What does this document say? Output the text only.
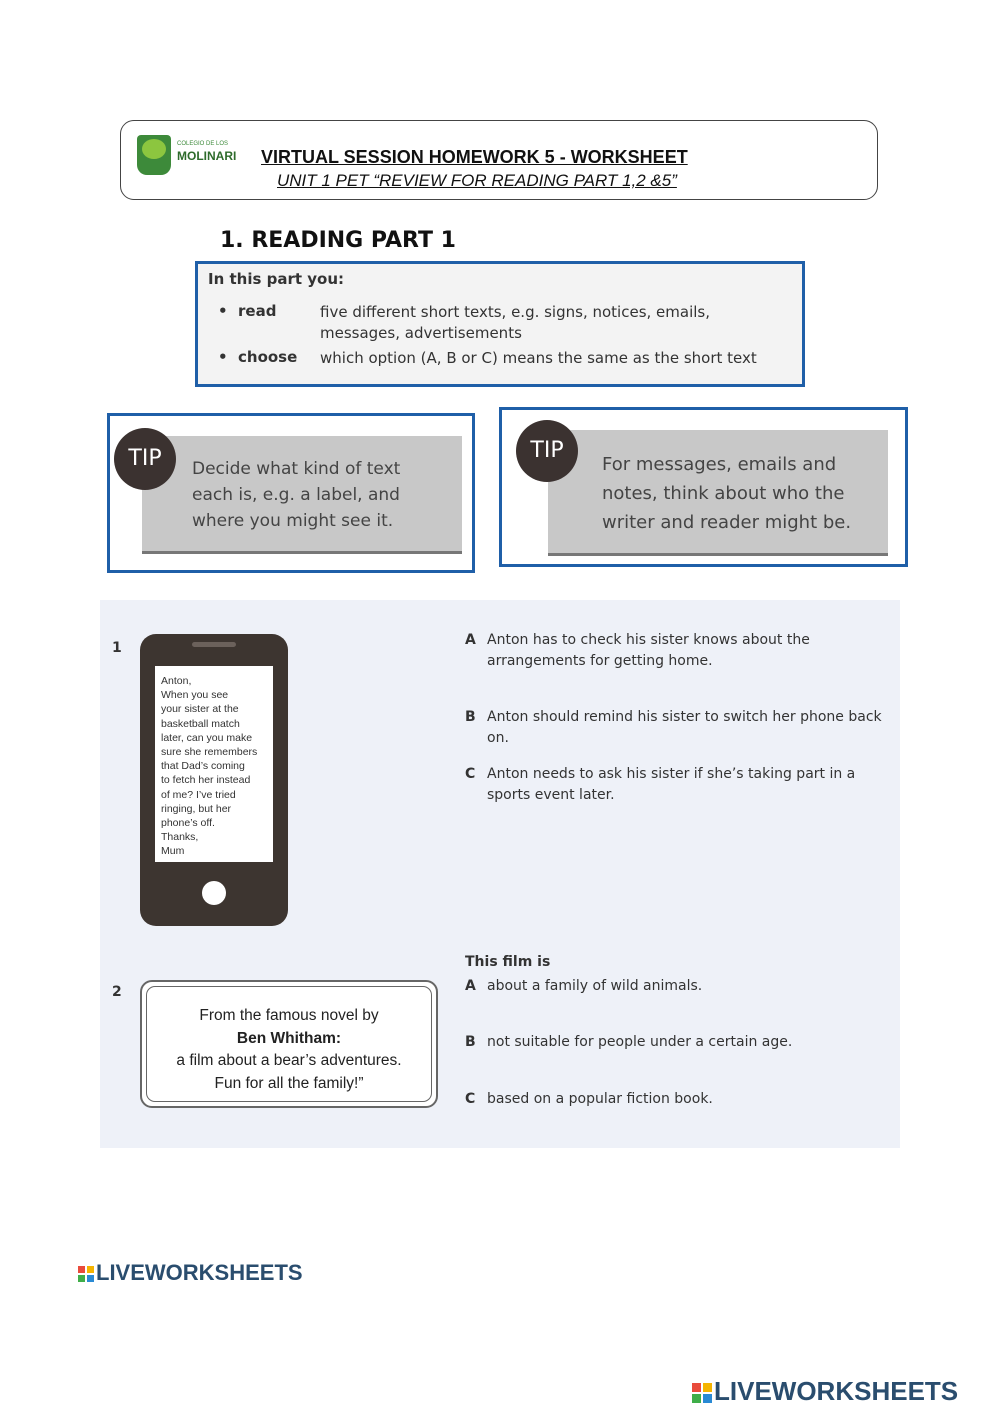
COLEGIO DE LOS
MOLINARI VIRTUAL SESSION HOMEWORK 5 - WORKSHEET
UNIT 1 PET “REVIEW FOR READING PART 1,2 &5”
1. READING PART 1
In this part you:
• read	five different short texts, e.g. signs, notices, emails, messages, advertisements
• choose which option (A, B or C) means the same as the short text
TIP	Decide what kind of text each is, e.g. a label, and where you might see it.
TIP
For messages, emails and notes, think about who the writer and reader might be.
1
Anton,
When you see
your sister at the
basketball match
later, can you make
sure she remembers
that Dad’s coming
to fetch her instead
of me? I’ve tried
ringing, but her
phone’s off.
Thanks,
Mum
A Anton has to check his sister knows about the arrangements for getting home.
B Anton should remind his sister to switch her phone back on.
C Anton needs to ask his sister if she’s taking part in a sports event later.
2
From the famous novel by
Ben Whitham:
a film about a bear’s adventures.
Fun for all the family!”
This film is
A about a family of wild animals.
B not suitable for people under a certain age.
C based on a popular fiction book.
LIVEWORKSHEETS
LIVEWORKSHEETS
